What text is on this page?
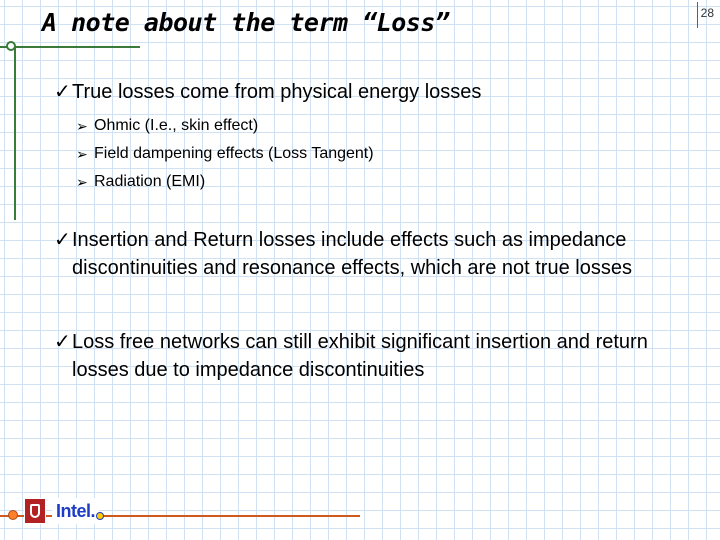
A note about the term “Loss”	28
✓ True losses come from physical energy losses
➢ Ohmic (I.e., skin effect)
➢ Field dampening effects (Loss Tangent)
➢ Radiation (EMI)
✓ Insertion and Return losses include effects such as impedance discontinuities and resonance effects, which are not true losses
✓ Loss free networks can still exhibit significant insertion and return losses due to impedance discontinuities
Intel.
